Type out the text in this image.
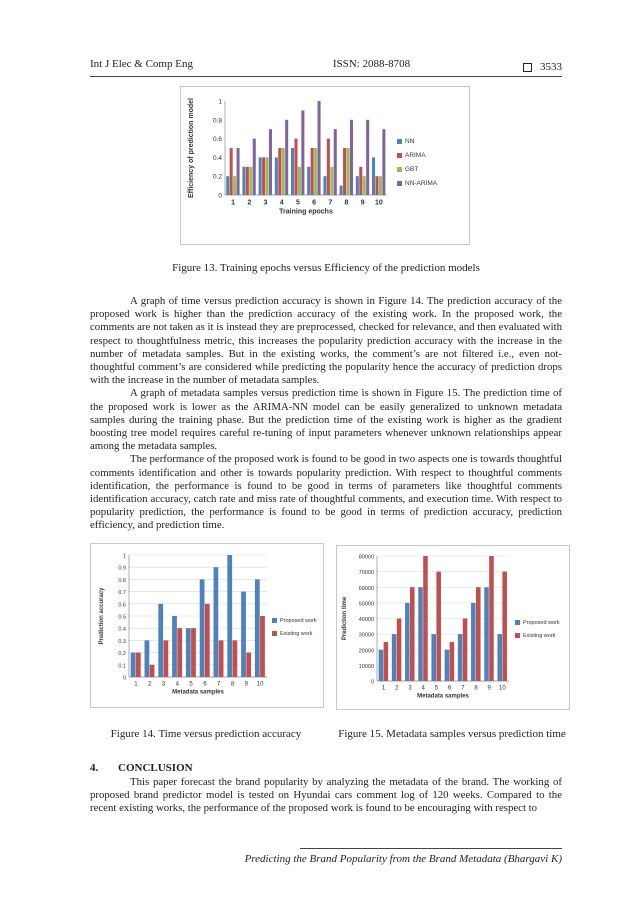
Int J Elec & Comp Eng	ISSN: 2088-8708	3533
0
0.2
0.4
0.6
0.8
1
1 2 3 4 5 6 7 8 9 10
Training epochs
Efficiency of prediction model	NN
ARIMA
GBT
NN-ARIMA
Figure 13. Training epochs versus Efficiency of the prediction models

A graph of time versus prediction accuracy is shown in Figure 14. The prediction accuracy of the proposed work is higher than the prediction accuracy of the existing work. In the proposed work, the comments are not taken as it is instead they are preprocessed, checked for relevance, and then evaluated with respect to thoughtfulness metric, this increases the popularity prediction accuracy with the increase in the number of metadata samples. But in the existing works, the comment’s are not filtered i.e., even not-thoughtful comment’s are considered while predicting the popularity hence the accuracy of prediction drops with the increase in the number of metadata samples.

A graph of metadata samples versus prediction time is shown in Figure 15. The prediction time of the proposed work is lower as the ARIMA-NN model can be easily generalized to unknown metadata samples during the training phase. But the prediction time of the existing work is higher as the gradient boosting tree model requires careful re-tuning of input parameters whenever unknown relationships appear among the metadata samples.

The performance of the proposed work is found to be good in two aspects one is towards thoughtful comments identification and other is towards popularity prediction. With respect to thoughtful comments identification, the performance is found to be good in terms of parameters like thoughtful comments identification accuracy, catch rate and miss rate of thoughtful comments, and execution time. With respect to popularity prediction, the performance is found to be good in terms of prediction accuracy, prediction efficiency, and prediction time.

0
0.1
0.2
0.3
0.4
0.5
0.6
0.7
0.8
0.9
1
1 2 3 4 5 6 7 8 9 10
Metadata samples
Prediction accuracy	Proposed work
Existing work
Figure 14. Time versus prediction accuracy
0
10000
20000
30000
40000
50000
60000
70000
80000
1 2 3 4 5 6 7 8 9 10
Metadata samples
Prediction time	Proposed work
Existing work
Figure 15. Metadata samples versus prediction time
4. CONCLUSION

This paper forecast the brand popularity by analyzing the metadata of the brand. The working of proposed brand predictor model is tested on Hyundai cars comment log of 120 weeks. Compared to the recent existing works, the performance of the proposed work is found to be encouraging with respect to

Predicting the Brand Popularity from the Brand Metadata (Bhargavi K)
